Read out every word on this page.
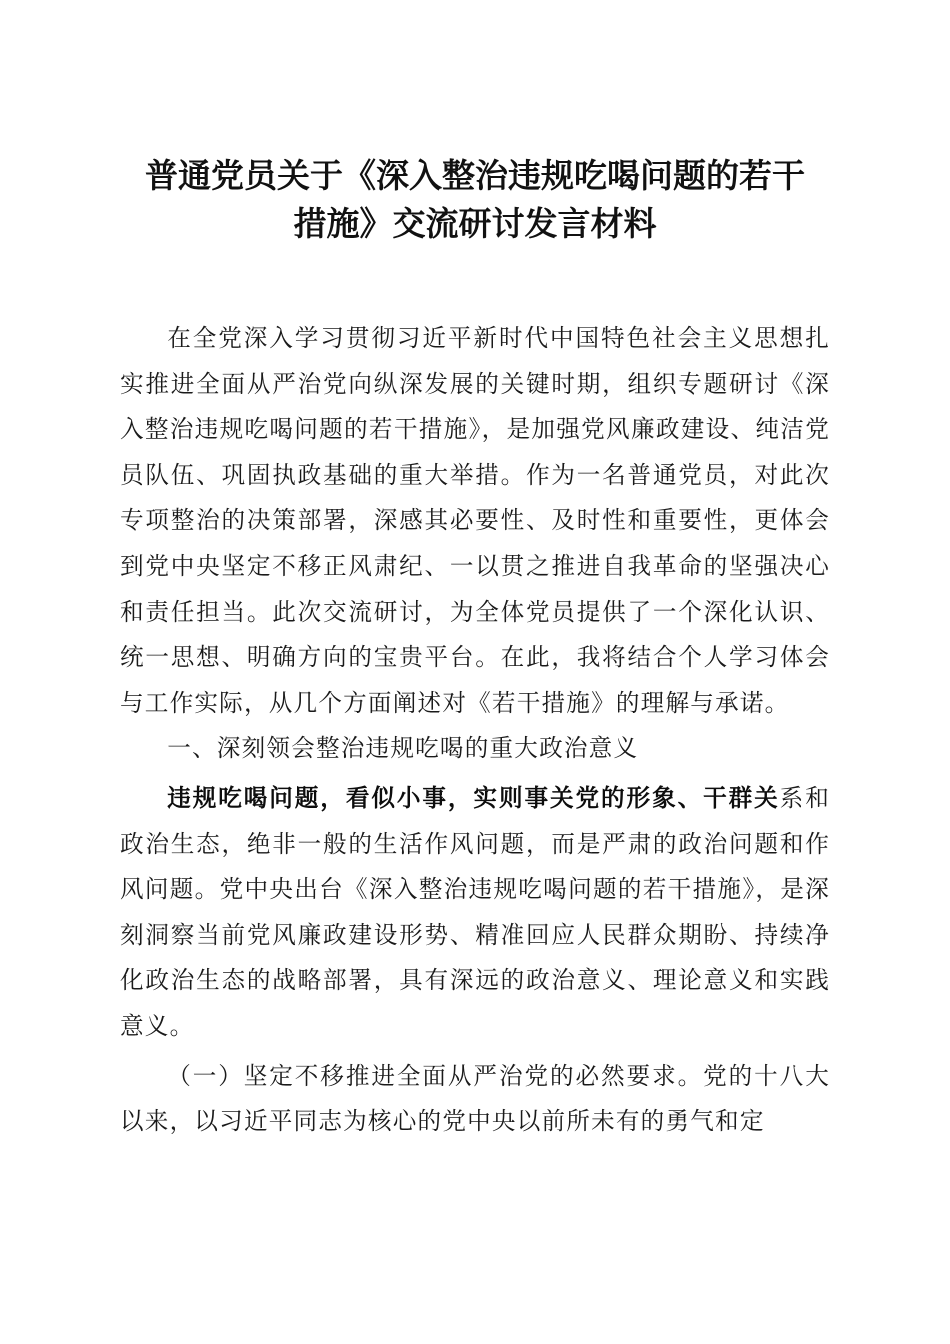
普通党员关于《深入整治违规吃喝问题的若干
措施》交流研讨发言材料

在全党深入学习贯彻习近平新时代中国特色社会主义思想扎实推进全面从严治党向纵深发展的关键时期，组织专题研讨《深入整治违规吃喝问题的若干措施》，是加强党风廉政建设、纯洁党员队伍、巩固执政基础的重大举措。作为一名普通党员，对此次专项整治的决策部署，深感其必要性、及时性和重要性，更体会到党中央坚定不移正风肃纪、一以贯之推进自我革命的坚强决心和责任担当。此次交流研讨，为全体党员提供了一个深化认识、统一思想、明确方向的宝贵平台。在此，我将结合个人学习体会与工作实际，从几个方面阐述对《若干措施》的理解与承诺。

一、深刻领会整治违规吃喝的重大政治意义

违规吃喝问题，看似小事，实则事关党的形象、干群关系和政治生态，绝非一般的生活作风问题，而是严肃的政治问题和作风问题。党中央出台《深入整治违规吃喝问题的若干措施》，是深刻洞察当前党风廉政建设形势、精准回应人民群众期盼、持续净化政治生态的战略部署，具有深远的政治意义、理论意义和实践意义。

（一）坚定不移推进全面从严治党的必然要求。党的十八大以来，以习近平同志为核心的党中央以前所未有的勇气和定
